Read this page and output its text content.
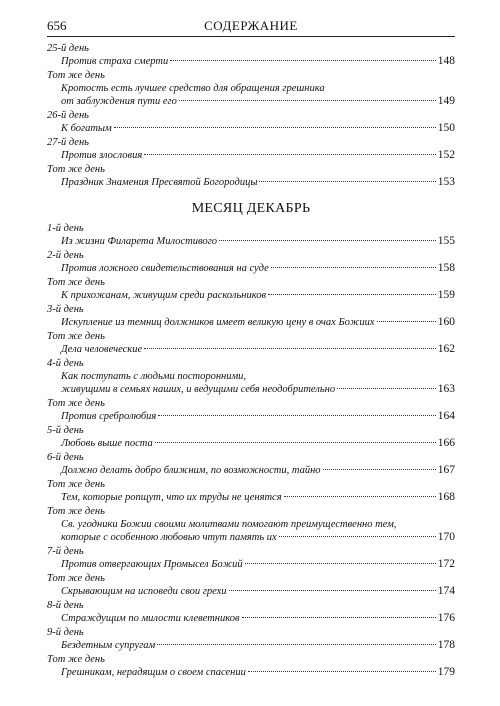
656	СОДЕРЖАНИЕ
25-й день
Против страха смерти	148
Тот же день
Кротость есть лучшее средство для обращения грешника
от заблуждения пути его	149
26-й день
К богатым	150
27-й день
Против злословия	152
Тот же день
Праздник Знамения Пресвятой Богородицы	153
МЕСЯЦ ДЕКАБРЬ
1-й день
Из жизни Филарета Милостивого	155
2-й день
Против ложного свидетельствования на суде	158
Тот же день
К прихожанам, живущим среди раскольников	159
3-й день
Искупление из темниц должников имеет великую цену в очах Божиих	160
Тот же день
Дела человеческие	162
4-й день
Как поступать с людьми посторонними,
живущими в семьях наших, и ведущими себя неодобрительно	163
Тот же день
Против сребролюбия	164
5-й день
Любовь выше поста	166
6-й день
Должно делать добро ближним, по возможности, тайно	167
Тот же день
Тем, которые ропщут, что их труды не ценятся	168
Тот же день
Св. угодники Божии своими молитвами помогают преимущественно тем,
которые с особенною любовью чтут память их	170
7-й день
Против отвергающих Промысел Божий	172
Тот же день
Скрывающим на исповеди свои грехи	174
8-й день
Страждущим по милости клеветников	176
9-й день
Бездетным супругам	178
Тот же день
Грешникам, нерадящим о своем спасении	179
